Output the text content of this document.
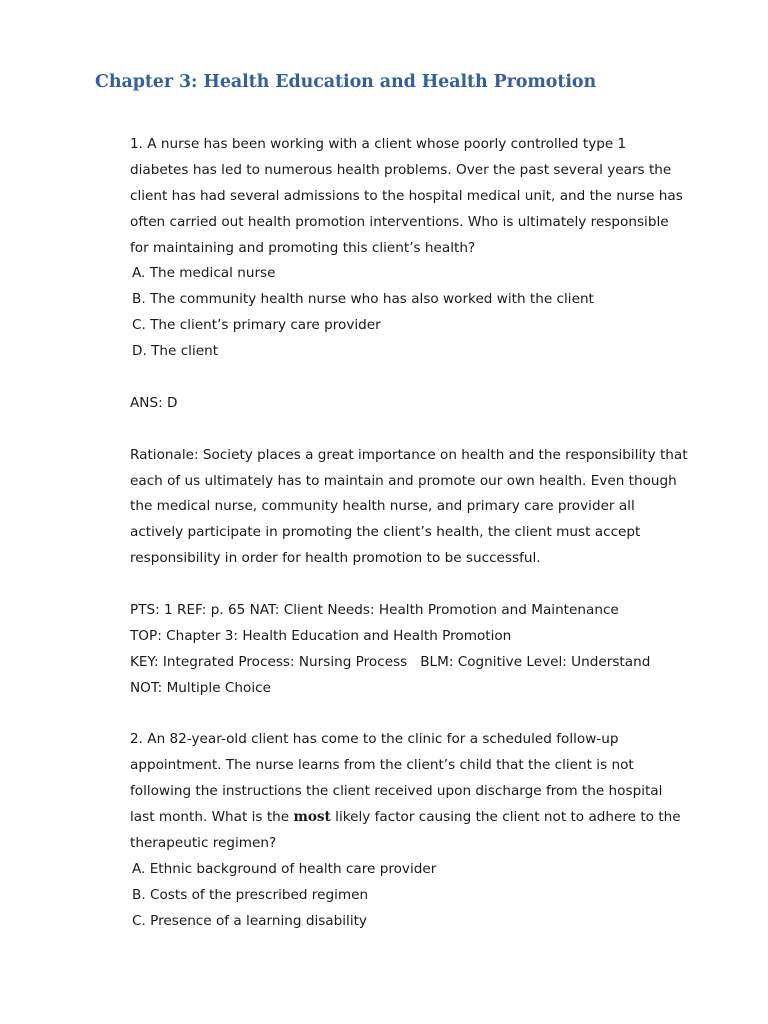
Chapter 3: Health Education and Health Promotion
1. A nurse has been working with a client whose poorly controlled type 1
diabetes has led to numerous health problems. Over the past several years the
client has had several admissions to the hospital medical unit, and the nurse has
often carried out health promotion interventions. Who is ultimately responsible
for maintaining and promoting this client’s health?
A. The medical nurse
B. The community health nurse who has also worked with the client
C. The client’s primary care provider
D. The client
ANS: D
Rationale: Society places a great importance on health and the responsibility that
each of us ultimately has to maintain and promote our own health. Even though
the medical nurse, community health nurse, and primary care provider all
actively participate in promoting the client’s health, the client must accept
responsibility in order for health promotion to be successful.
PTS: 1 REF: p. 65 NAT: Client Needs: Health Promotion and Maintenance
TOP: Chapter 3: Health Education and Health Promotion
KEY: Integrated Process: Nursing Process   BLM: Cognitive Level: Understand
NOT: Multiple Choice
2. An 82-year-old client has come to the clinic for a scheduled follow-up
appointment. The nurse learns from the client’s child that the client is not
following the instructions the client received upon discharge from the hospital
last month. What is the most likely factor causing the client not to adhere to the
therapeutic regimen?
A. Ethnic background of health care provider
B. Costs of the prescribed regimen
C. Presence of a learning disability
